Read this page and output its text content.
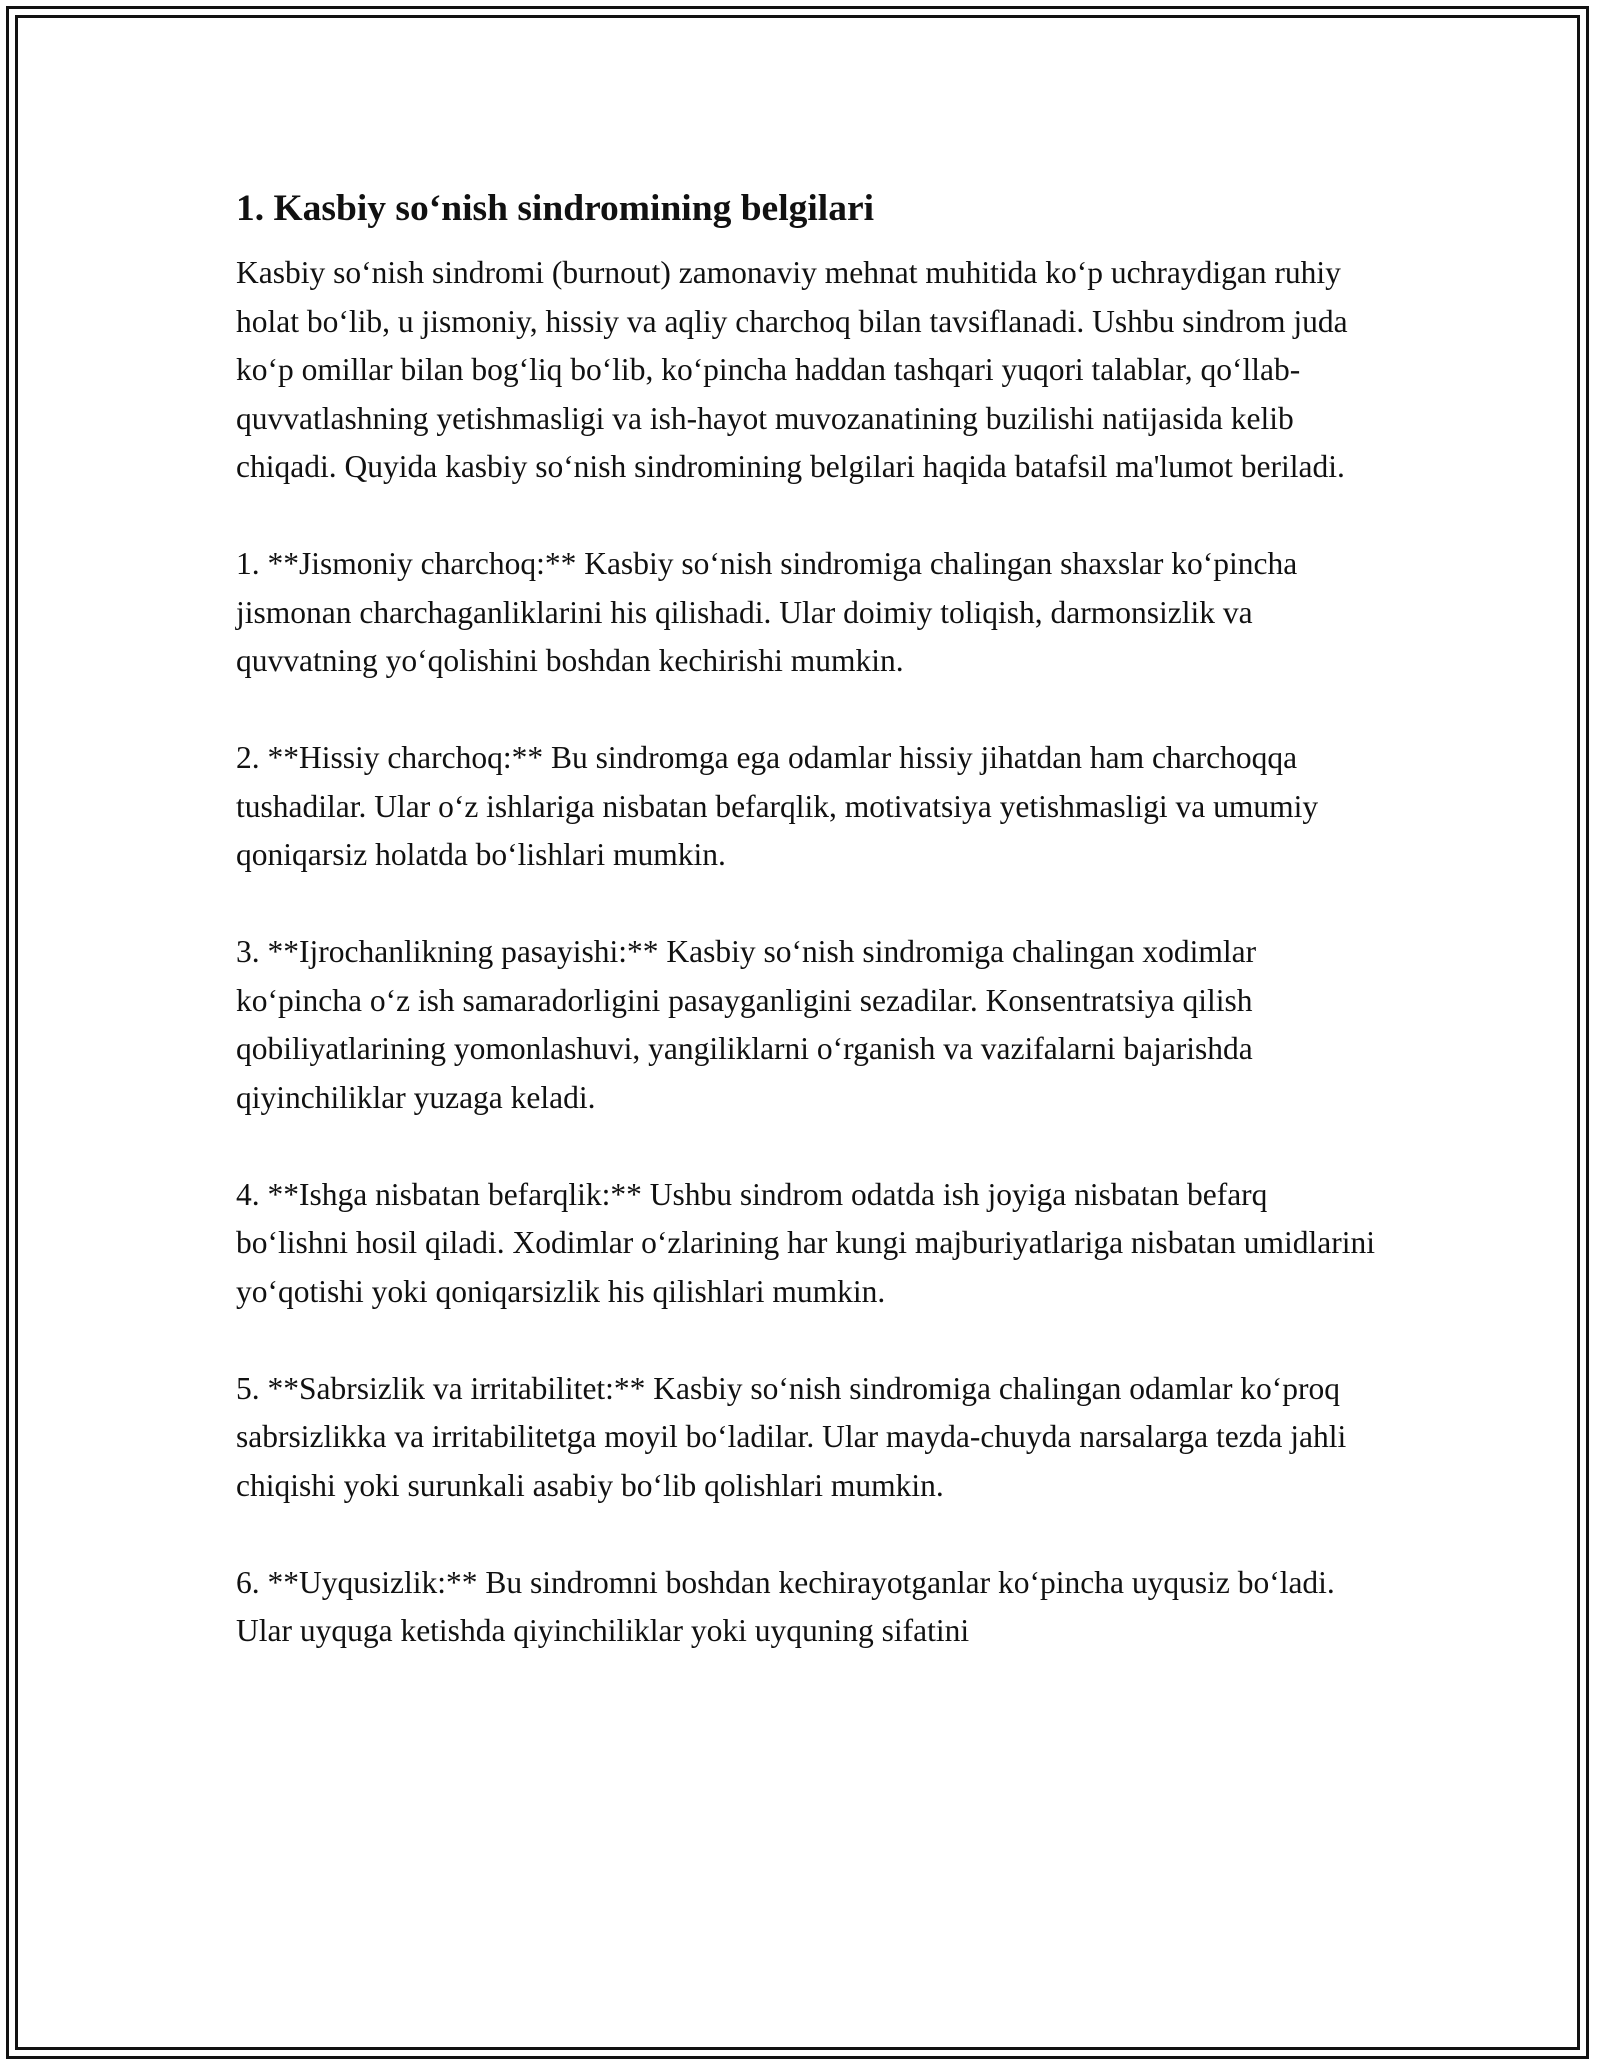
1. Kasbiy so‘nish sindromining belgilari

Kasbiy so‘nish sindromi (burnout) zamonaviy mehnat muhitida ko‘p uchraydigan ruhiy holat bo‘lib, u jismoniy, hissiy va aqliy charchoq bilan tavsiflanadi. Ushbu sindrom juda ko‘p omillar bilan bog‘liq bo‘lib, ko‘pincha haddan tashqari yuqori talablar, qo‘llab-quvvatlashning yetishmasligi va ish-hayot muvozanatining buzilishi natijasida kelib chiqadi. Quyida kasbiy so‘nish sindromining belgilari haqida batafsil ma'lumot beriladi.

1. **Jismoniy charchoq:** Kasbiy so‘nish sindromiga chalingan shaxslar ko‘pincha jismonan charchaganliklarini his qilishadi. Ular doimiy toliqish, darmonsizlik va quvvatning yo‘qolishini boshdan kechirishi mumkin.

2. **Hissiy charchoq:** Bu sindromga ega odamlar hissiy jihatdan ham charchoqqa tushadilar. Ular o‘z ishlariga nisbatan befarqlik, motivatsiya yetishmasligi va umumiy qoniqarsiz holatda bo‘lishlari mumkin.

3. **Ijrochanlikning pasayishi:** Kasbiy so‘nish sindromiga chalingan xodimlar ko‘pincha o‘z ish samaradorligini pasayganligini sezadilar. Konsentratsiya qilish qobiliyatlarining yomonlashuvi, yangiliklarni o‘rganish va vazifalarni bajarishda qiyinchiliklar yuzaga keladi.

4. **Ishga nisbatan befarqlik:** Ushbu sindrom odatda ish joyiga nisbatan befarq bo‘lishni hosil qiladi. Xodimlar o‘zlarining har kungi majburiyatlariga nisbatan umidlarini yo‘qotishi yoki qoniqarsizlik his qilishlari mumkin.

5. **Sabrsizlik va irritabilitet:** Kasbiy so‘nish sindromiga chalingan odamlar ko‘proq sabrsizlikka va irritabilitetga moyil bo‘ladilar. Ular mayda-chuyda narsalarga tezda jahli chiqishi yoki surunkali asabiy bo‘lib qolishlari mumkin.

6. **Uyqusizlik:** Bu sindromni boshdan kechirayotganlar ko‘pincha uyqusiz bo‘ladi. Ular uyquga ketishda qiyinchiliklar yoki uyquning sifatini
